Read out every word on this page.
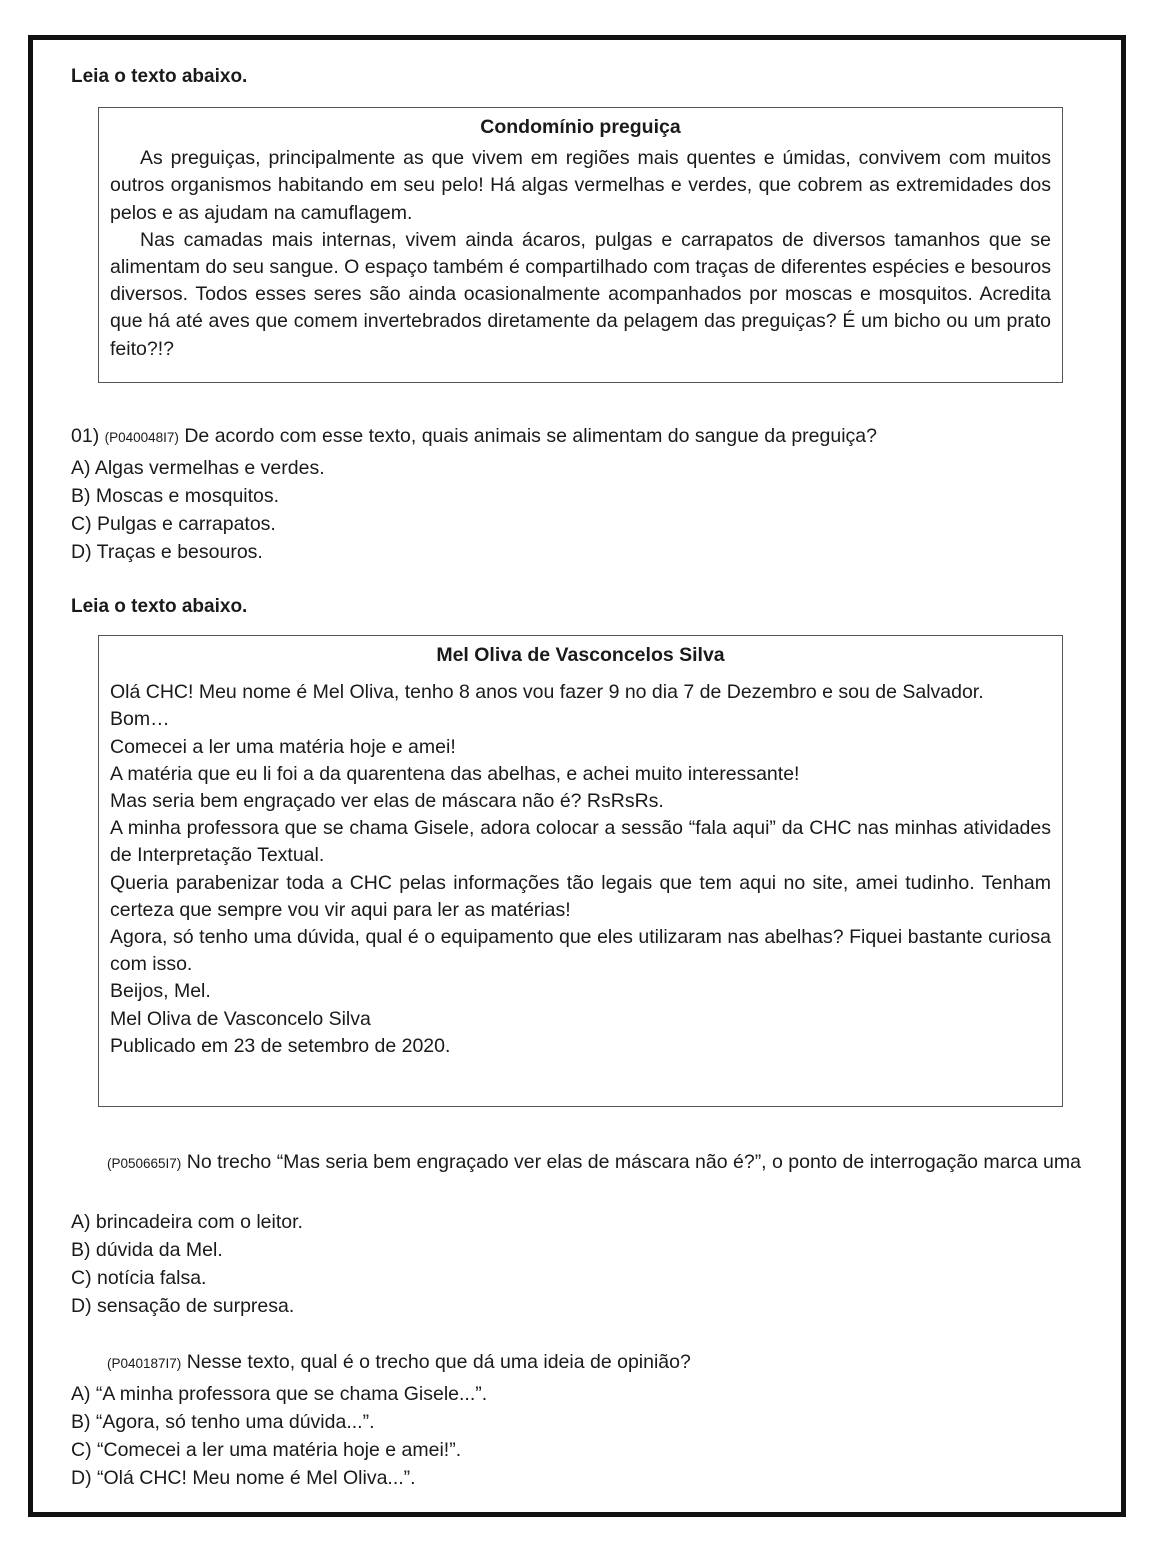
Leia o texto abaixo.
Condomínio preguiça

As preguiças, principalmente as que vivem em regiões mais quentes e úmidas, convivem com muitos outros organismos habitando em seu pelo! Há algas vermelhas e verdes, que cobrem as extremidades dos pelos e as ajudam na camuflagem.

Nas camadas mais internas, vivem ainda ácaros, pulgas e carrapatos de diversos tamanhos que se alimentam do seu sangue. O espaço também é compartilhado com traças de diferentes espécies e besouros diversos. Todos esses seres são ainda ocasionalmente acompanhados por moscas e mosquitos. Acredita que há até aves que comem invertebrados diretamente da pelagem das preguiças? É um bicho ou um prato feito?!?

01) (P040048I7) De acordo com esse texto, quais animais se alimentam do sangue da preguiça?
A) Algas vermelhas e verdes.
B) Moscas e mosquitos.
C) Pulgas e carrapatos.
D) Traças e besouros.
Leia o texto abaixo.
Mel Oliva de Vasconcelos Silva

Olá CHC! Meu nome é Mel Oliva, tenho 8 anos vou fazer 9 no dia 7 de Dezembro e sou de Salvador.

Bom…

Comecei a ler uma matéria hoje e amei!

A matéria que eu li foi a da quarentena das abelhas, e achei muito interessante!

Mas seria bem engraçado ver elas de máscara não é? RsRsRs.

A minha professora que se chama Gisele, adora colocar a sessão “fala aqui” da CHC nas minhas atividades de Interpretação Textual.

Queria parabenizar toda a CHC pelas informações tão legais que tem aqui no site, amei tudinho. Tenham certeza que sempre vou vir aqui para ler as matérias!

Agora, só tenho uma dúvida, qual é o equipamento que eles utilizaram nas abelhas? Fiquei bastante curiosa com isso.

Beijos, Mel.

Mel Oliva de Vasconcelo Silva

Publicado em 23 de setembro de 2020.

(P050665I7) No trecho “Mas seria bem engraçado ver elas de máscara não é?”, o ponto de interrogação marca uma
A) brincadeira com o leitor.
B) dúvida da Mel.
C) notícia falsa.
D) sensação de surpresa.
(P040187I7) Nesse texto, qual é o trecho que dá uma ideia de opinião?
A) “A minha professora que se chama Gisele...”.
B) “Agora, só tenho uma dúvida...”.
C) “Comecei a ler uma matéria hoje e amei!”.
D) “Olá CHC! Meu nome é Mel Oliva...”.
